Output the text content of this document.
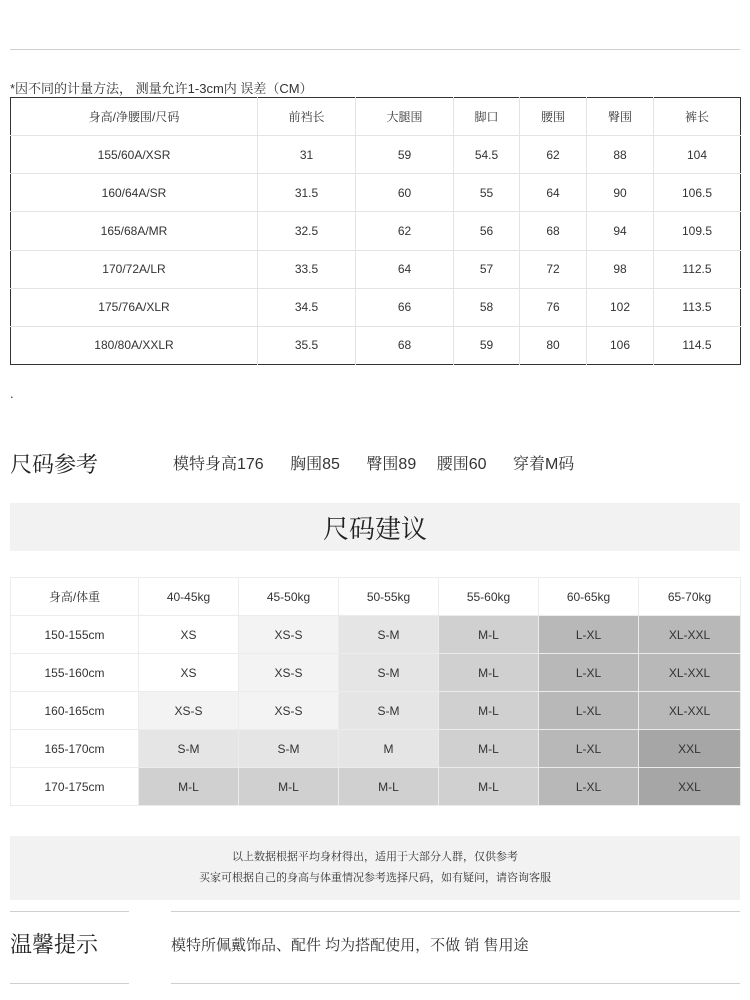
*因不同的计量方法， 测量允许1-3cm内 误差（CM）
身高/净腰围/尺码	前裆长	大腿围	脚口	腰围	臀围	裤长
155/60A/XSR	31	59	54.5	62	88	104
160/64A/SR	31.5	60	55	64	90	106.5
165/68A/MR	32.5	62	56	68	94	109.5
170/72A/LR	33.5	64	57	72	98	112.5
175/76A/XLR	34.5	66	58	76	102	113.5
180/80A/XXLR	35.5	68	59	80	106	114.5
.
尺码参考	模特身高176 胸围85 臀围89 腰围60 穿着M码
尺码建议
身高/体重	40-45kg	45-50kg	50-55kg	55-60kg	60-65kg	65-70kg
150-155cm	XS	XS-S	S-M	M-L	L-XL	XL-XXL
155-160cm	XS	XS-S	S-M	M-L	L-XL	XL-XXL
160-165cm	XS-S	XS-S	S-M	M-L	L-XL	XL-XXL
165-170cm	S-M	S-M	M	M-L	L-XL	XXL
170-175cm	M-L	M-L	M-L	M-L	L-XL	XXL
以上数据根据平均身材得出，适用于大部分人群，仅供参考
买家可根据自己的身高与体重情况参考选择尺码，如有疑问，请咨询客服
温馨提示	模特所佩戴饰品、配件 均为搭配使用，不做 销 售用途
